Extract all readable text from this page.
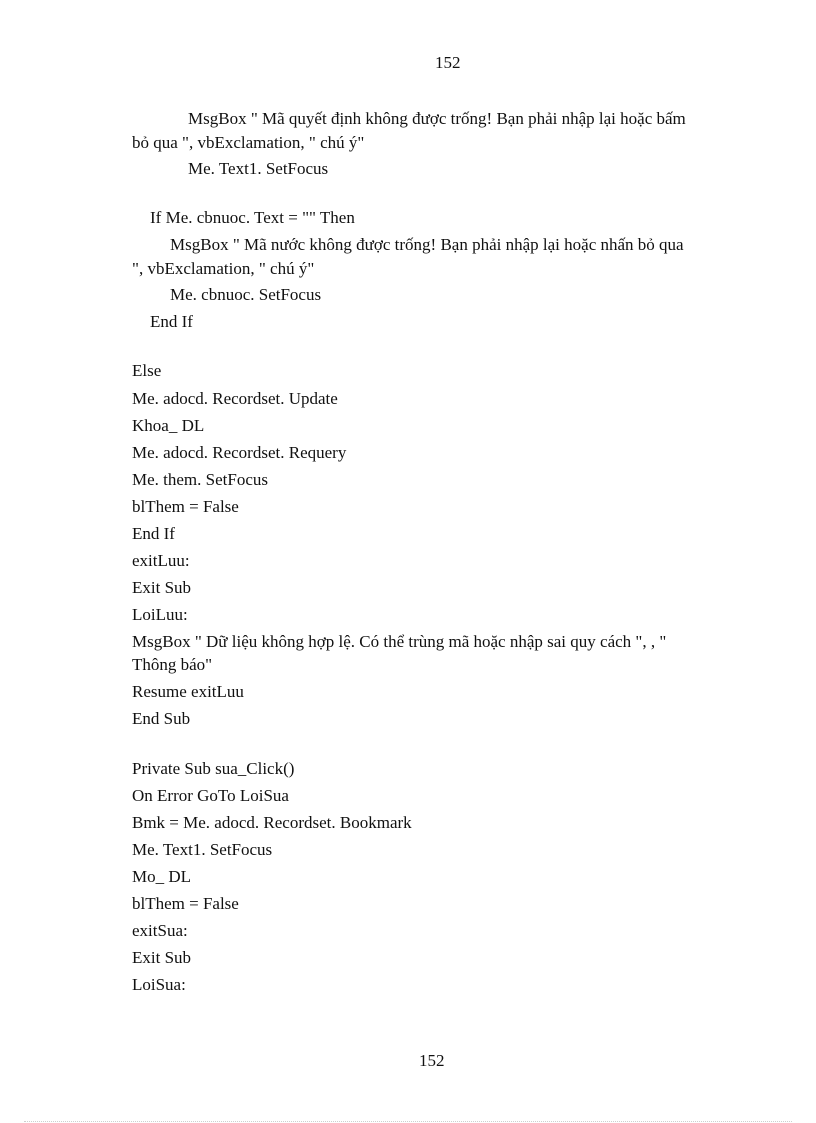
152
MsgBox " Mã quyết định không được trống! Bạn phải nhập lại hoặc bấm
bỏ qua ", vbExclamation, " chú ý"
Me. Text1. SetFocus
If Me. cbnuoc. Text = "" Then
MsgBox " Mã nước không được trống! Bạn phải nhập lại hoặc nhấn bỏ qua
", vbExclamation, " chú ý"
Me. cbnuoc. SetFocus
End If
Else
Me. adocd. Recordset. Update
Khoa_ DL
Me. adocd. Recordset. Requery
Me. them. SetFocus
blThem = False
End If
exitLuu:
Exit Sub
LoiLuu:
MsgBox " Dữ liệu không hợp lệ. Có thể trùng mã hoặc nhập sai quy cách ", , "
Thông báo"
Resume exitLuu
End Sub
Private Sub sua_Click()
On Error GoTo LoiSua
Bmk = Me. adocd. Recordset. Bookmark
Me. Text1. SetFocus
Mo_ DL
blThem = False
exitSua:
Exit Sub
LoiSua:
152
